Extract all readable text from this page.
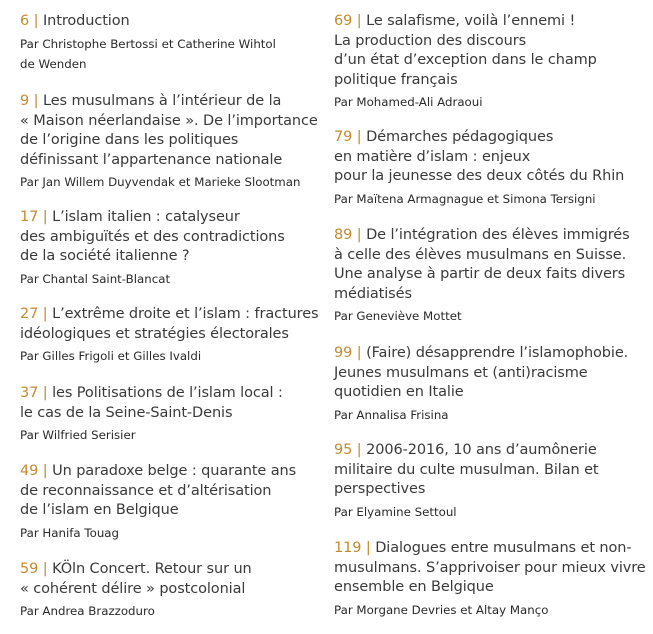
6 | Introduction
Par Christophe Bertossi et Catherine Wihtol
de Wenden
9 | Les musulmans à l’intérieur de la
« Maison néerlandaise ». De l’importance
de l’origine dans les politiques
définissant l’appartenance nationale
Par Jan Willem Duyvendak et Marieke Slootman
17 | L’islam italien : catalyseur
des ambiguïtés et des contradictions
de la société italienne ?
Par Chantal Saint-Blancat
27 | L’extrême droite et l’islam : fractures
idéologiques et stratégies électorales
Par Gilles Frigoli et Gilles Ivaldi
37 | les Politisations de l’islam local :
le cas de la Seine-Saint-Denis
Par Wilfried Serisier
49 | Un paradoxe belge : quarante ans
de reconnaissance et d’altérisation
de l’islam en Belgique
Par Hanifa Touag
59 | KÖln Concert. Retour sur un
« cohérent délire » postcolonial
Par Andrea Brazzoduro
69 | Le salafisme, voilà l’ennemi !
La production des discours
d’un état d’exception dans le champ
politique français
Par Mohamed-Ali Adraoui
79 | Démarches pédagogiques
en matière d’islam : enjeux
pour la jeunesse des deux côtés du Rhin
Par Maïtena Armagnague et Simona Tersigni
89 | De l’intégration des élèves immigrés
à celle des élèves musulmans en Suisse.
Une analyse à partir de deux faits divers
médiatisés
Par Geneviève Mottet
99 | (Faire) désapprendre l’islamophobie.
Jeunes musulmans et (anti)racisme
quotidien en Italie
Par Annalisa Frisina
95 | 2006-2016, 10 ans d’aumônerie
militaire du culte musulman. Bilan et
perspectives
Par Elyamine Settoul
119 | Dialogues entre musulmans et non-
musulmans. S’apprivoiser pour mieux vivre
ensemble en Belgique
Par Morgane Devries et Altay Manço
